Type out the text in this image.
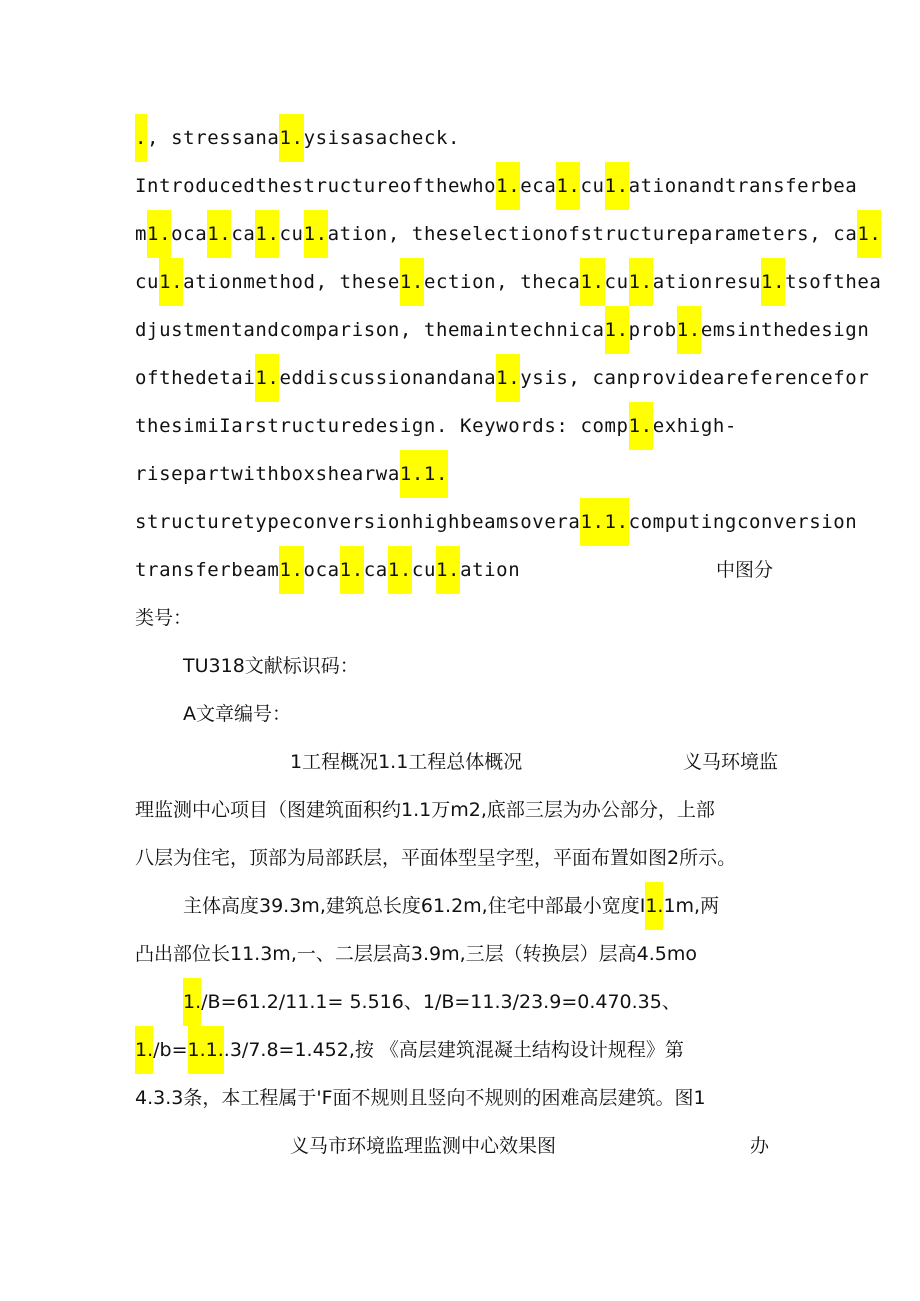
., stressana1.ysisasacheck.
Introducedthestructureofthewho 1. eca 1. cu 1. ationandtransferbea
m 1. oca 1. ca 1. cu 1. ation, theselectionofstructureparameters, ca 1.
cu 1. ationmethod, these 1. ection, theca 1. cu 1. ationresu 1. tsofthea
djustmentandcomparison, themaintechnica 1. prob 1. emsinthedesign
ofthedetai 1. eddiscussionandana 1. ysis, canprovideareferencefor
thesimiIarstructuredesign. Keywords: comp1.exhigh-
risepartwithboxshearwa1.1.
structuretypeconversionhighbeamsovera 1.1. computingconversion
transferbeam1.oca1.ca1.cu1.ation	中图分
类号：
TU318文献标识码：
A文章编号：
1工程概况1.1工程总体概况	义马环境监
理监测中心项目（图建筑面积约1.1万m2,底部三层为办公部分，上部
八层为住宅，顶部为局部跃层，平面体型呈字型，平面布置如图2所示。
主体高度39.3m,建筑总长度61.2m,住宅中部最小宽度I1.1m,两
凸出部位长11.3m,一、二层层高3.9m,三层（转换层）层高4.5mo
1./B=61.2/11.1= 5.516、1/B=11.3/23.9=0.470.35、
1./b=1.1..3/7.8=1.452,按 《高层建筑混凝土结构设计规程》第
4.3.3条，本工程属于'F面不规则且竖向不规则的困难高层建筑。图1
义马市环境监理监测中心效果图	办
